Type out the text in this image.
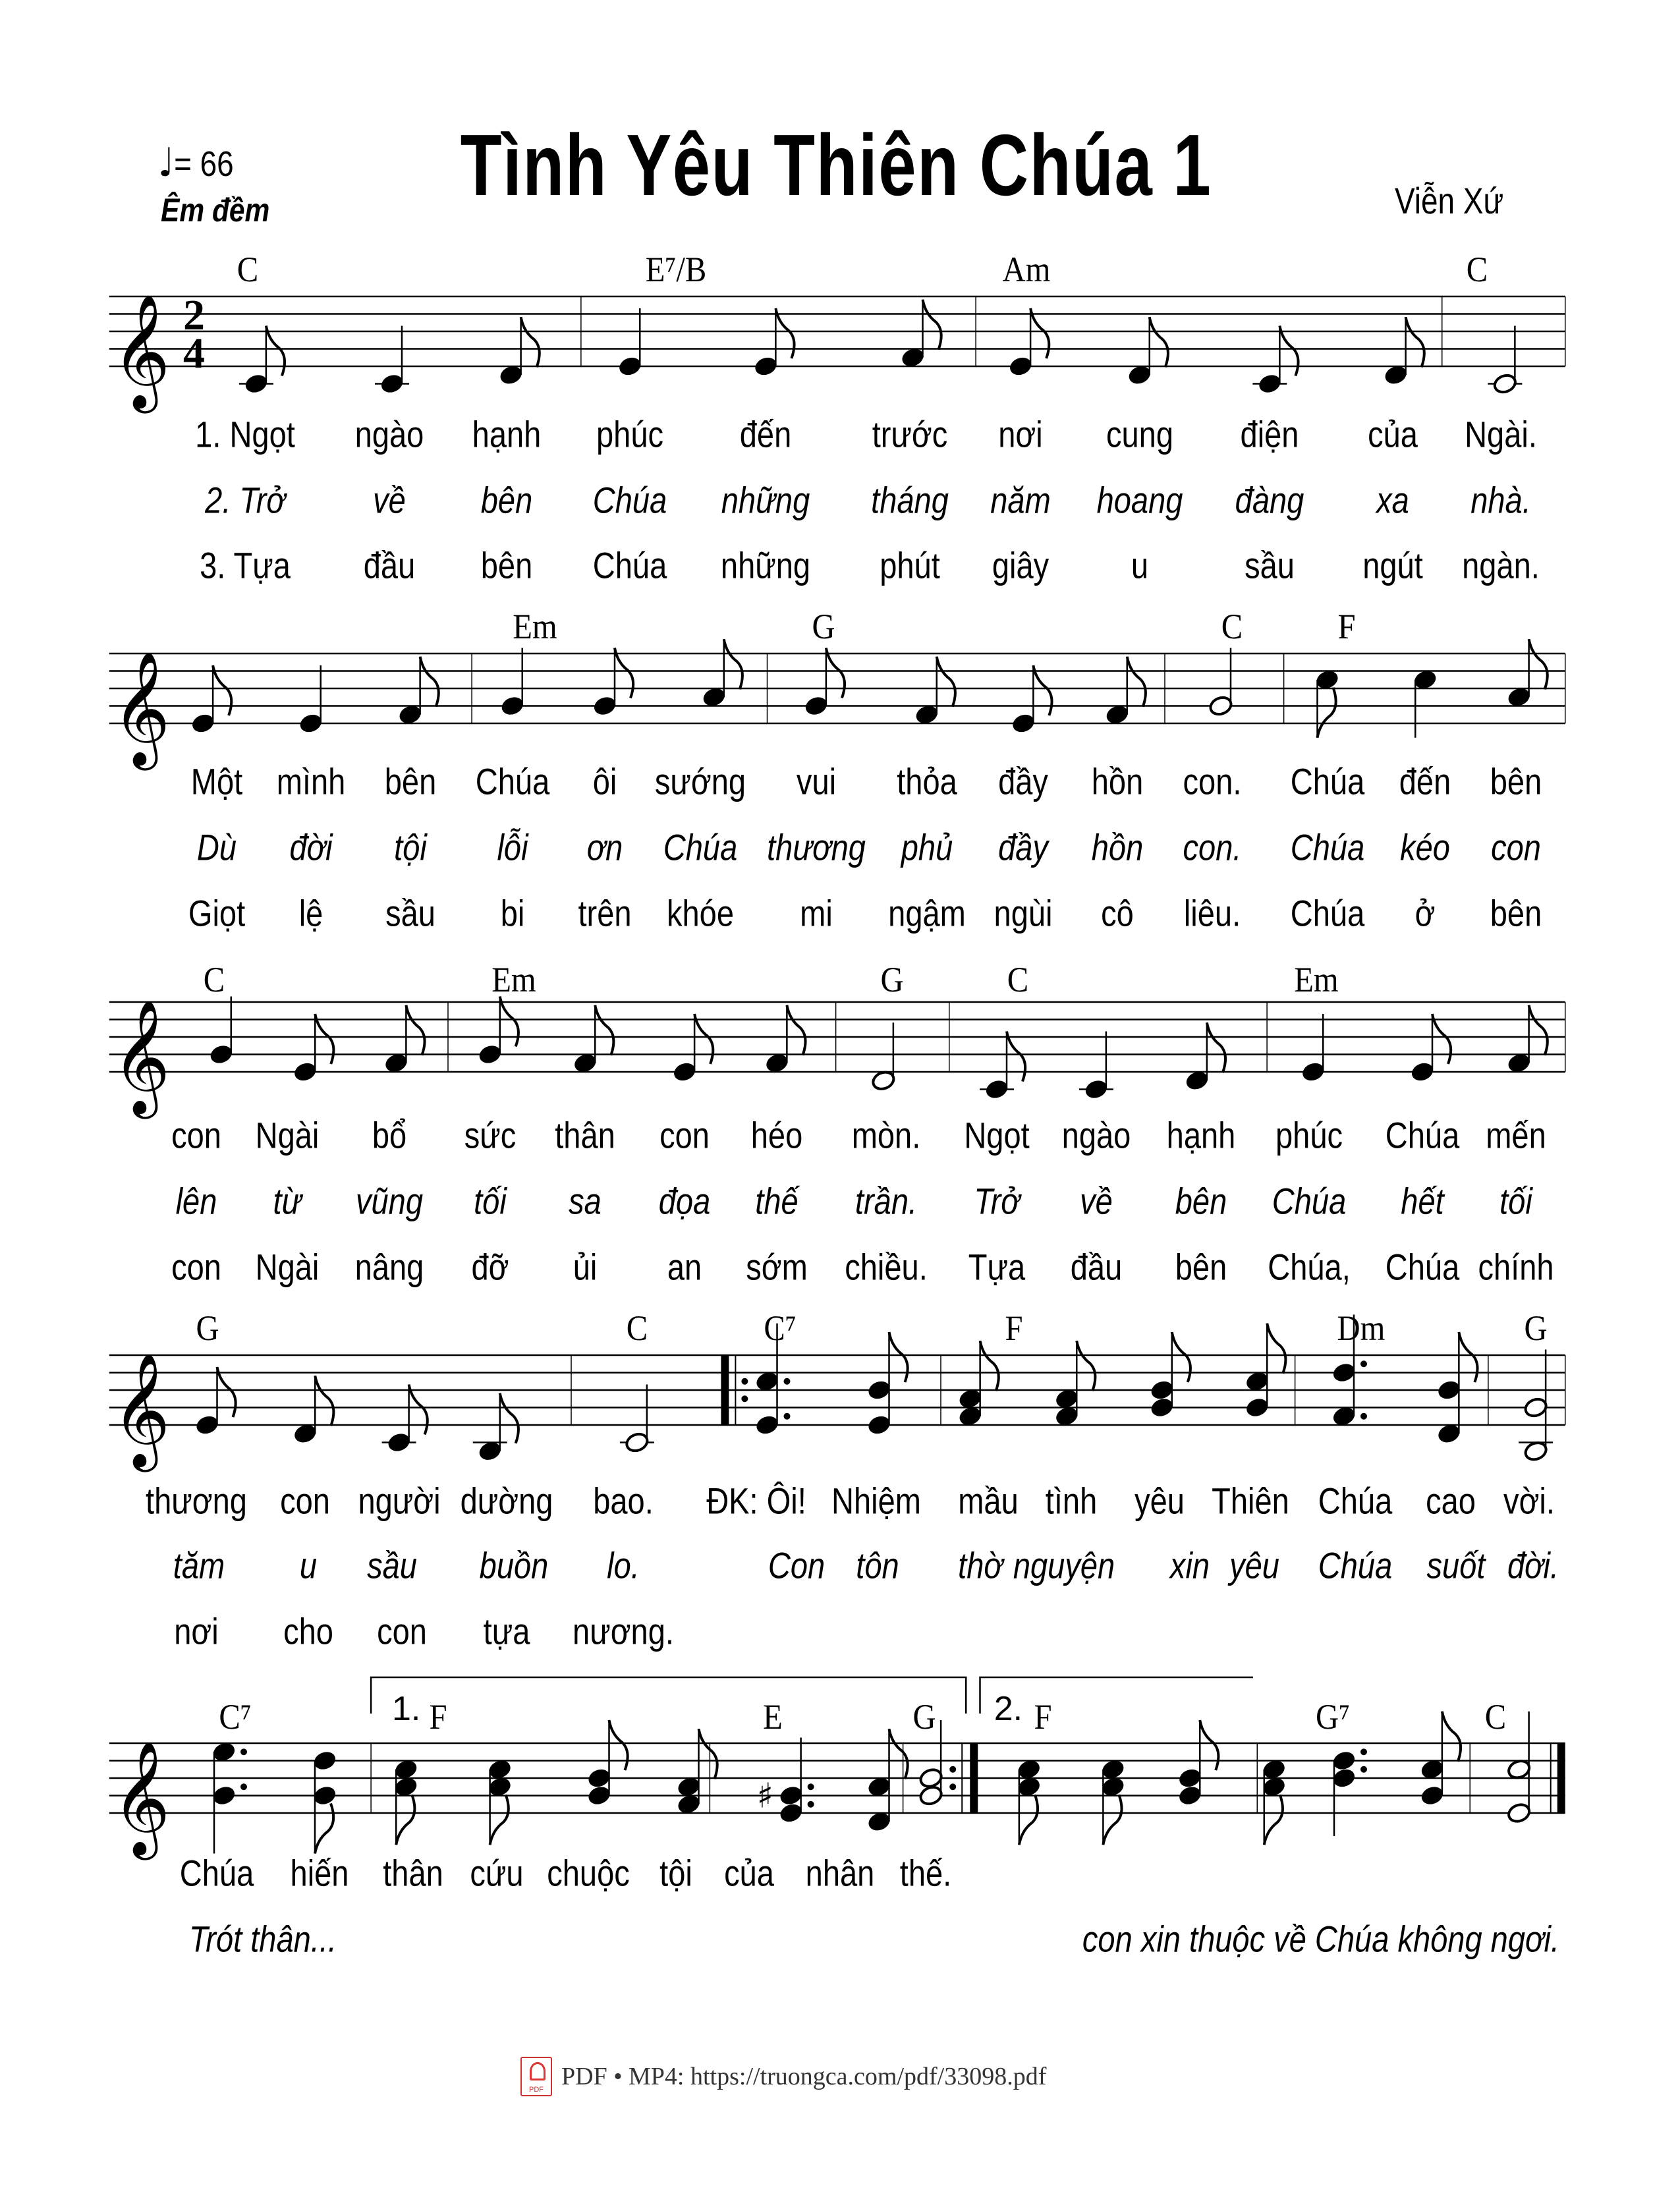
♩= 66
Êm đềm Tình Yêu Thiên Chúa 1	Viễn Xứ
𝄞 2
4
𝄞
𝄞
𝄞
𝄞	♯
C	E⁷/B	Am	C
1. Ngọt ngào hạnh phúc đến trước nơi cung điện của Ngài.
2. Trở về bên Chúa những tháng năm hoang đàng xa nhà.
3. Tựa đầu bên Chúa những phút giây u	sầu ngút ngàn.
Em	G	C	F
Một mình bên Chúa ôi sướng vui thỏa đầy hồn con. Chúa đến bên
Dù đời tội lỗi ơn Chúa thương phủ đầy hồn con. Chúa kéo con
Giọt lệ sầu bi trên khóe mi ngậm ngùi cô liêu. Chúa ở bên
C	Em	G	C	Em
con Ngài bổ sức thân con héo mòn. Ngọt ngào hạnh phúc Chúa mến
lên từ vũng tối sa đọa thế trần. Trở về bên Chúa hết tối
con Ngài nâng đỡ ủi an sớm chiều. Tựa đầu bên Chúa, Chúa chính
G	C	C⁷	F	Dm	G
thương con người dường bao. ĐK: Ôi! Nhiệm mầu tình yêu Thiên Chúa cao vời.
tăm u sầu buồn lo.	Con tôn thờ nguyện xin yêu Chúa suốt đời.
nơi cho con tựa nương.
C⁷	F	E	G	F	G⁷	C
Chúa hiến thân cứu chuộc tội của nhân thế.
1.	2.
Trót thân...	con xin thuộc về Chúa không ngơi.
PDF PDF • MP4: https://truongca.com/pdf/33098.pdf
